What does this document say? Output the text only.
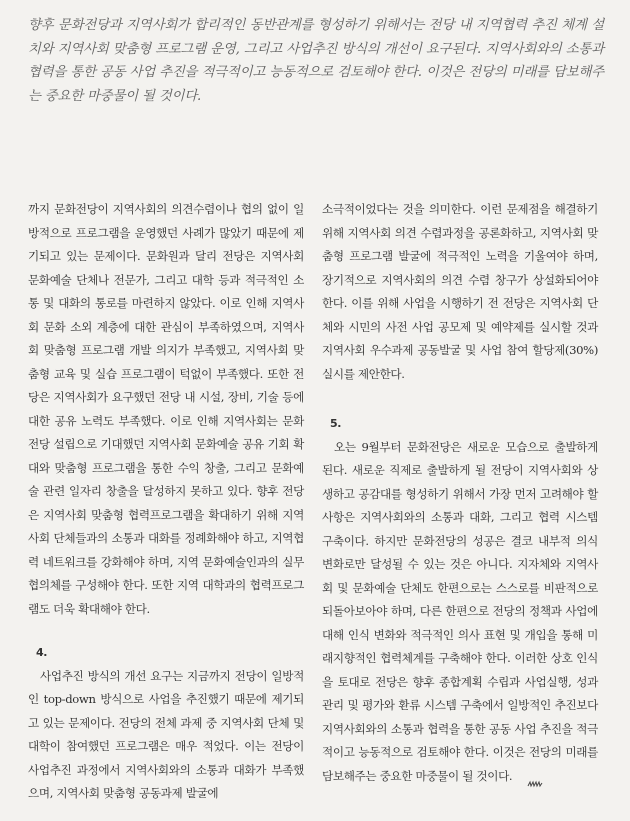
향후 문화전당과 지역사회가 합리적인 동반관계를 형성하기 위해서는 전당 내 지역협력 추진 체계 설치와 지역사회 맞춤형 프로그램 운영, 그리고 사업추진 방식의 개선이 요구된다. 지역사회와의 소통과 협력을 통한 공동 사업 추진을 적극적이고 능동적으로 검토해야 한다. 이것은 전당의 미래를 담보해주는 중요한 마중물이 될 것이다.

까지 문화전당이 지역사회의 의견수렴이나 협의 없이 일방적으로 프로그램을 운영했던 사례가 많았기 때문에 제기되고 있는 문제이다. 문화원과 달리 전당은 지역사회 문화예술 단체나 전문가, 그리고 대학 등과 적극적인 소통 및 대화의 통로를 마련하지 않았다. 이로 인해 지역사회 문화 소외 계층에 대한 관심이 부족하였으며, 지역사회 맞춤형 프로그램 개발 의지가 부족했고, 지역사회 맞춤형 교육 및 실습 프로그램이 턱없이 부족했다. 또한 전당은 지역사회가 요구했던 전당 내 시설, 장비, 기술 등에 대한 공유 노력도 부족했다. 이로 인해 지역사회는 문화전당 설립으로 기대했던 지역사회 문화예술 공유 기회 확대와 맞춤형 프로그램을 통한 수익 창출, 그리고 문화예술 관련 일자리 창출을 달성하지 못하고 있다. 향후 전당은 지역사회 맞춤형 협력프로그램을 확대하기 위해 지역사회 단체들과의 소통과 대화를 정례화해야 하고, 지역협력 네트워크를 강화해야 하며, 지역 문화예술인과의 실무협의체를 구성해야 한다. 또한 지역 대학과의 협력프로그램도 더욱 확대해야 한다.

4.

사업추진 방식의 개선 요구는 지금까지 전당이 일방적인 top-down 방식으로 사업을 추진했기 때문에 제기되고 있는 문제이다. 전당의 전체 과제 중 지역사회 단체 및 대학이 참여했던 프로그램은 매우 적었다. 이는 전당이 사업추진 과정에서 지역사회와의 소통과 대화가 부족했으며, 지역사회 맞춤형 공동과제 발굴에

소극적이었다는 것을 의미한다. 이런 문제점을 해결하기 위해 지역사회 의견 수렴과정을 공론화하고, 지역사회 맞춤형 프로그램 발굴에 적극적인 노력을 기울여야 하며, 장기적으로 지역사회의 의견 수렴 창구가 상설화되어야 한다. 이를 위해 사업을 시행하기 전 전당은 지역사회 단체와 시민의 사전 사업 공모제 및 예약제를 실시할 것과 지역사회 우수과제 공동발굴 및 사업 참여 할당제(30%) 실시를 제안한다.

5.

오는 9월부터 문화전당은 새로운 모습으로 출발하게 된다. 새로운 직제로 출발하게 될 전당이 지역사회와 상생하고 공감대를 형성하기 위해서 가장 먼저 고려해야 할 사항은 지역사회와의 소통과 대화, 그리고 협력 시스템 구축이다. 하지만 문화전당의 성공은 결코 내부적 의식 변화로만 달성될 수 있는 것은 아니다. 지자체와 지역사회 및 문화예술 단체도 한편으로는 스스로를 비판적으로 되돌아보아야 하며, 다른 한편으로 전당의 정책과 사업에 대해 인식 변화와 적극적인 의사 표현 및 개입을 통해 미래지향적인 협력체계를 구축해야 한다. 이러한 상호 인식을 토대로 전당은 향후 종합계획 수립과 사업실행, 성과관리 및 평가와 환류 시스템 구축에서 일방적인 추진보다 지역사회와의 소통과 협력을 통한 공동 사업 추진을 적극적이고 능동적으로 검토해야 한다. 이것은 전당의 미래를 담보해주는 중요한 마중물이 될 것이다.
